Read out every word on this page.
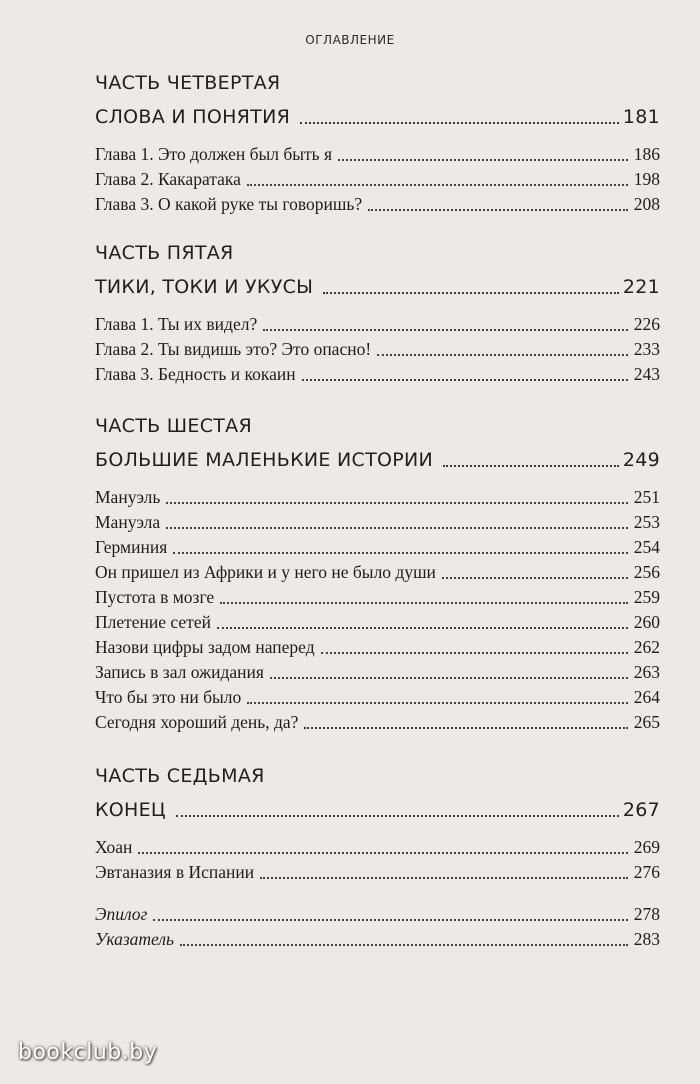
ОГЛАВЛЕНИЕ
ЧАСТЬ ЧЕТВЕРТАЯ
СЛОВА И ПОНЯТИЯ	181
Глава 1. Это должен был быть я	186
Глава 2. Какаратака	198
Глава 3. О какой руке ты говоришь?	208
ЧАСТЬ ПЯТАЯ
ТИКИ, ТОКИ И УКУСЫ	221
Глава 1. Ты их видел?	226
Глава 2. Ты видишь это? Это опасно!	233
Глава 3. Бедность и кокаин	243
ЧАСТЬ ШЕСТАЯ
БОЛЬШИЕ МАЛЕНЬКИЕ ИСТОРИИ	249
Мануэль	251
Мануэла	253
Герминия	254
Он пришел из Африки и у него не было души	256
Пустота в мозге	259
Плетение сетей	260
Назови цифры задом наперед	262
Запись в зал ожидания	263
Что бы это ни было	264
Сегодня хороший день, да?	265
ЧАСТЬ СЕДЬМАЯ
КОНЕЦ	267
Хоан	269
Эвтаназия в Испании	276
Эпилог	278
Указатель	283
bookclub.by
